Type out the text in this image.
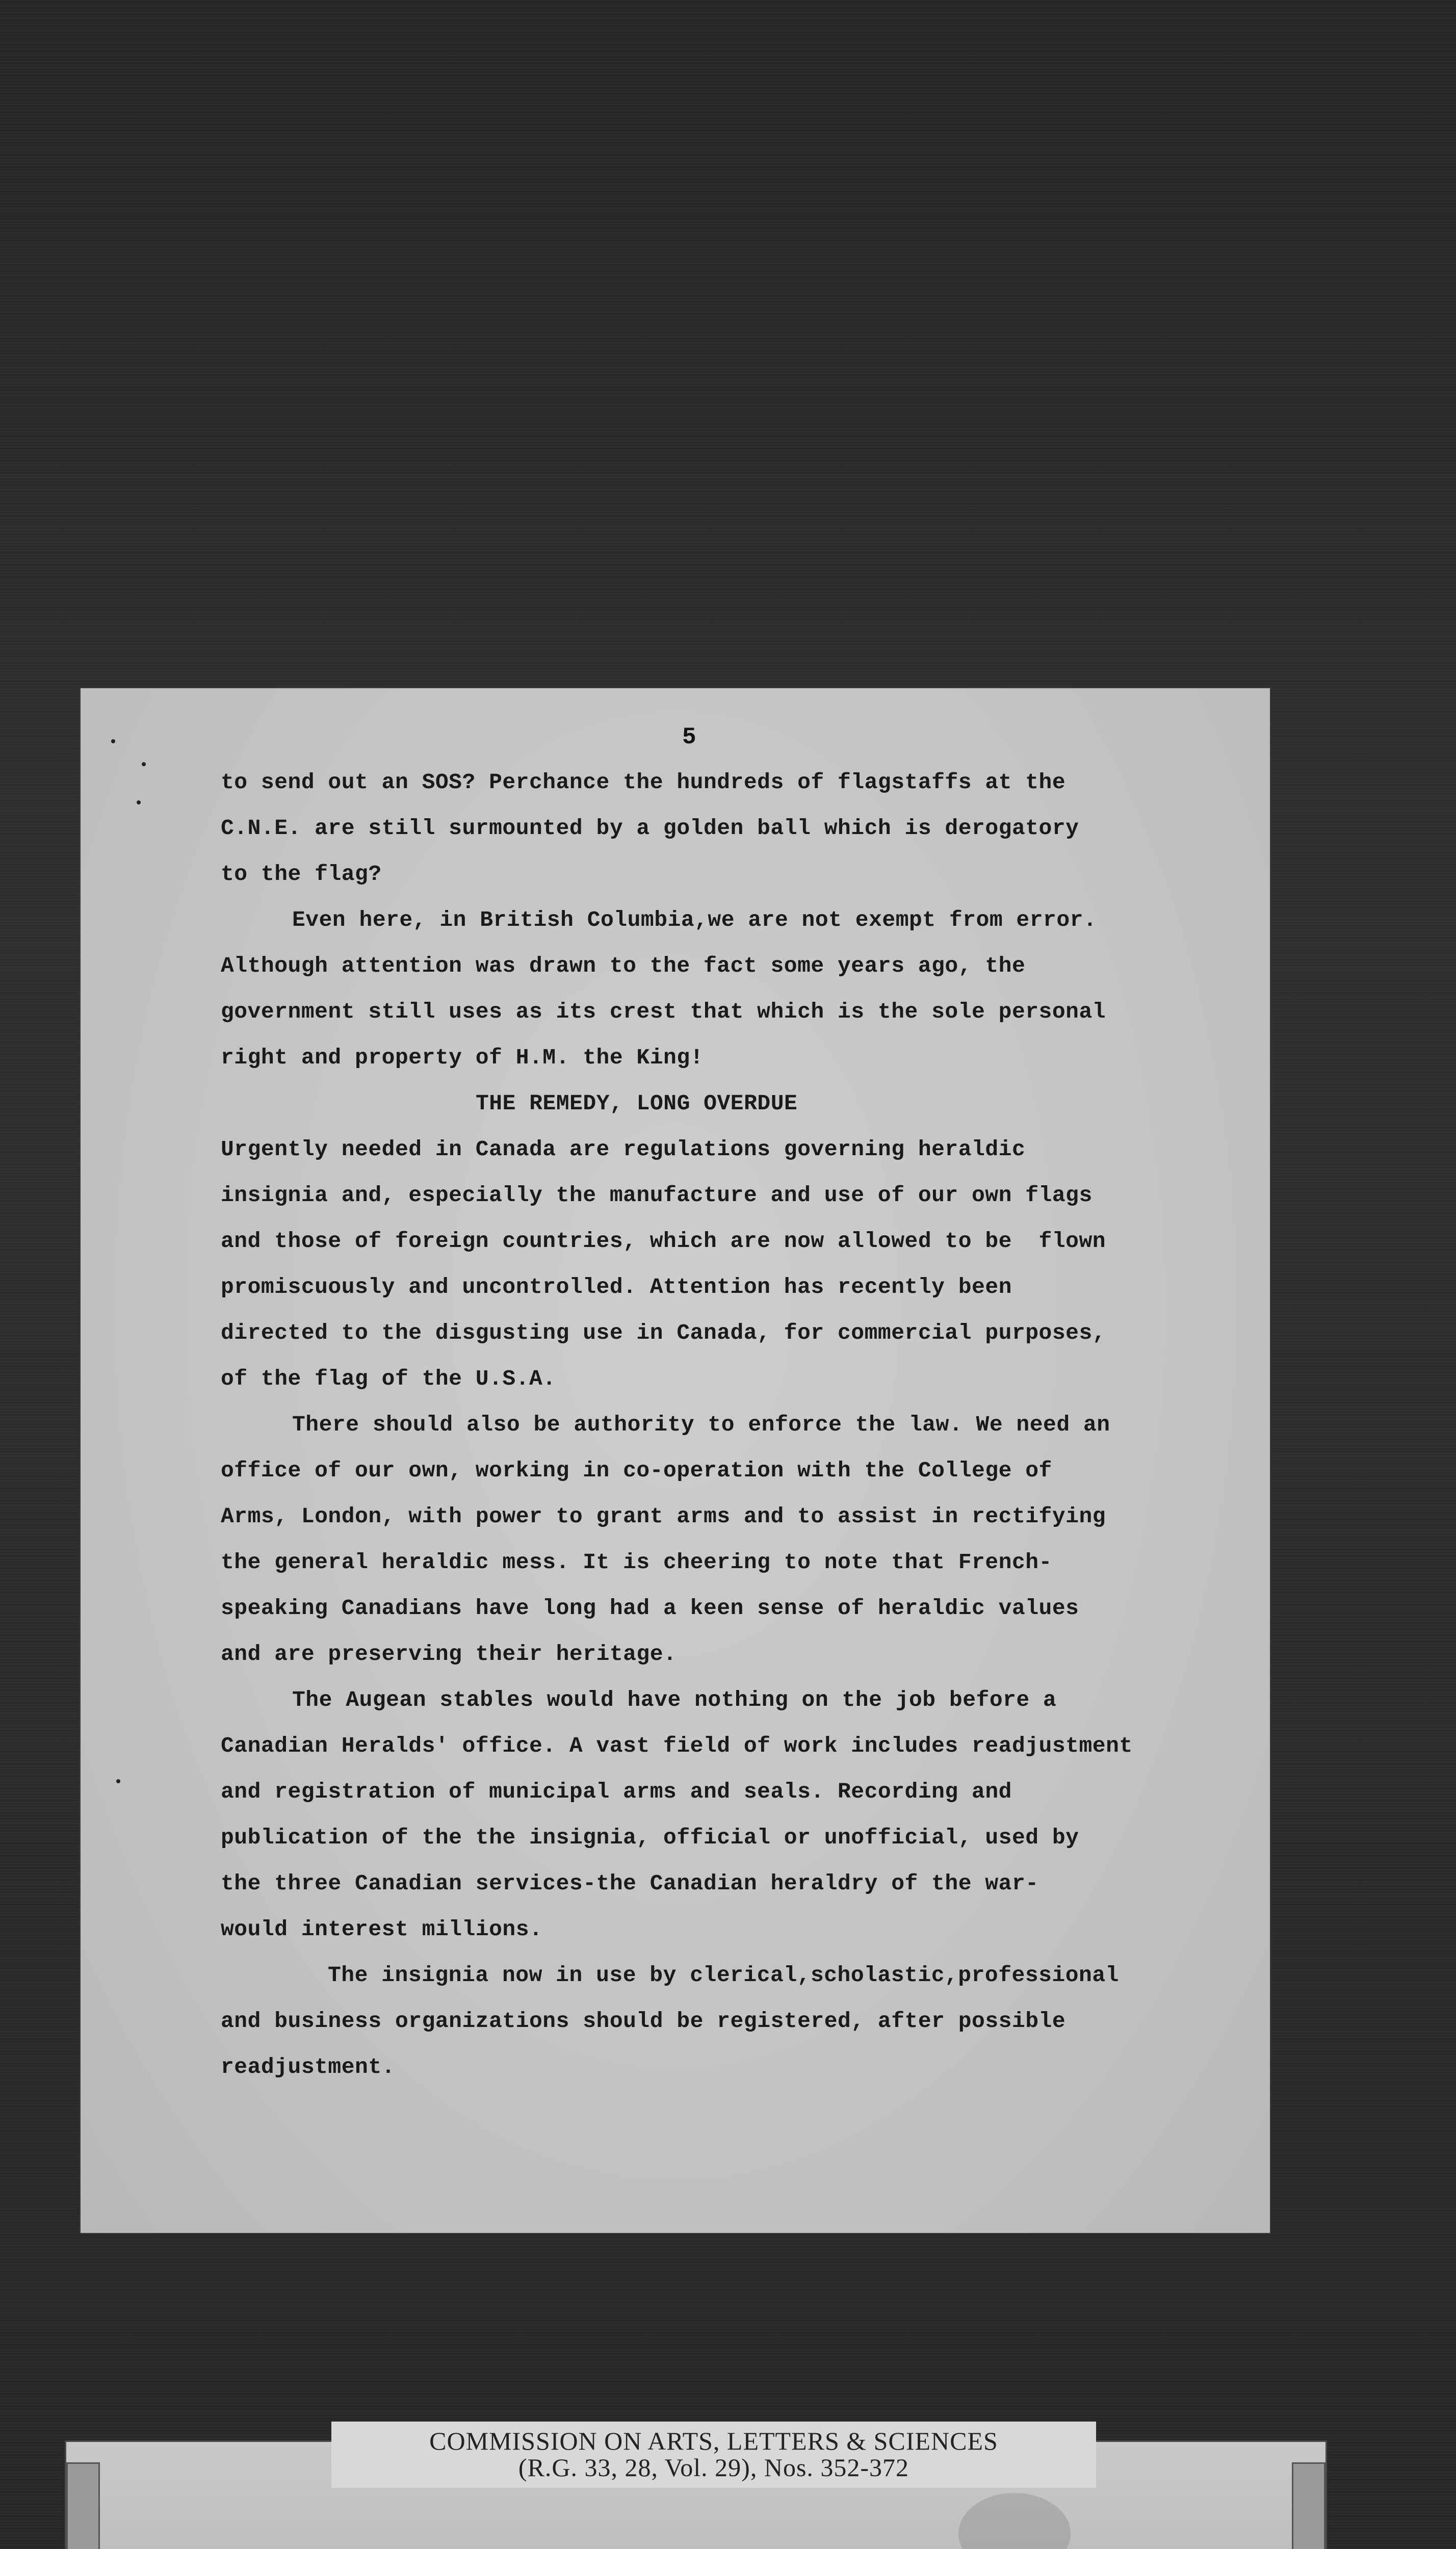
5
to send out an SOS? Perchance the hundreds of flagstaffs at the
C.N.E. are still surmounted by a golden ball which is derogatory
to the flag?
Even here, in British Columbia,we are not exempt from error.
Although attention was drawn to the fact some years ago, the
government still uses as its crest that which is the sole personal
right and property of H.M. the King!
THE REMEDY, LONG OVERDUE
Urgently needed in Canada are regulations governing heraldic
insignia and, especially the manufacture and use of our own flags
and those of foreign countries, which are now allowed to be  flown
promiscuously and uncontrolled. Attention has recently been
directed to the disgusting use in Canada, for commercial purposes,
of the flag of the U.S.A.
There should also be authority to enforce the law. We need an
office of our own, working in co-operation with the College of
Arms, London, with power to grant arms and to assist in rectifying
the general heraldic mess. It is cheering to note that French-
speaking Canadians have long had a keen sense of heraldic values
and are preserving their heritage.
The Augean stables would have nothing on the job before a
Canadian Heralds' office. A vast field of work includes readjustment
and registration of municipal arms and seals. Recording and
publication of the the insignia, official or unofficial, used by
the three Canadian services-the Canadian heraldry of the war-
would interest millions.
The insignia now in use by clerical,scholastic,professional
and business organizations should be registered, after possible
readjustment.
COMMISSION ON ARTS, LETTERS & SCIENCES
(R.G. 33, 28, Vol. 29), Nos. 352-372
